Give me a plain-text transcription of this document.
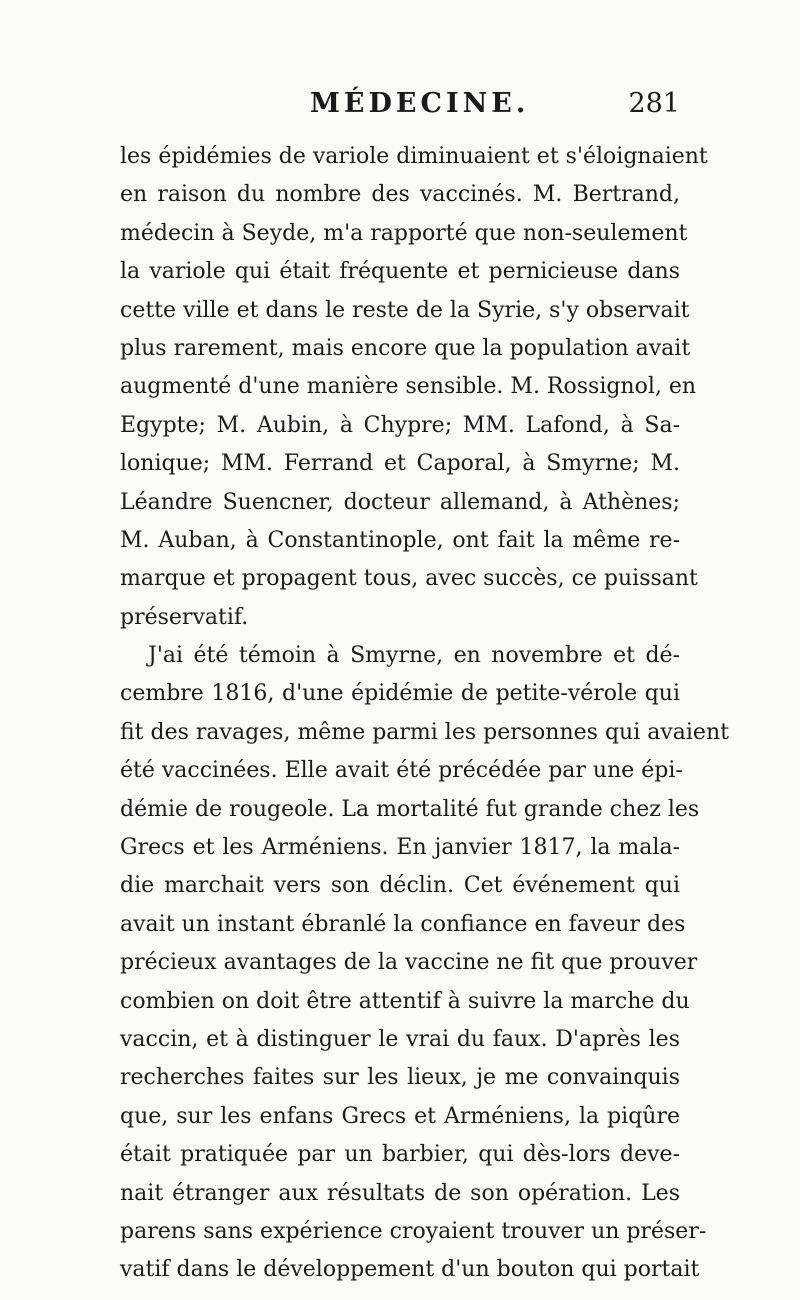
MÉDECINE.	281
les épidémies de variole diminuaient et s'éloignaient
en raison du nombre des vaccinés. M. Bertrand,
médecin à Seyde, m'a rapporté que non-seulement
la variole qui était fréquente et pernicieuse dans
cette ville et dans le reste de la Syrie, s'y observait
plus rarement, mais encore que la population avait
augmenté d'une manière sensible. M. Rossignol, en
Egypte; M. Aubin, à Chypre; MM. Lafond, à Sa-
lonique; MM. Ferrand et Caporal, à Smyrne; M.
Léandre Suencner, docteur allemand, à Athènes;
M. Auban, à Constantinople, ont fait la même re-
marque et propagent tous, avec succès, ce puissant
préservatif.
J'ai été témoin à Smyrne, en novembre et dé-
cembre 1816, d'une épidémie de petite-vérole qui
fit des ravages, même parmi les personnes qui avaient
été vaccinées. Elle avait été précédée par une épi-
démie de rougeole. La mortalité fut grande chez les
Grecs et les Arméniens. En janvier 1817, la mala-
die marchait vers son déclin. Cet événement qui
avait un instant ébranlé la confiance en faveur des
précieux avantages de la vaccine ne fit que prouver
combien on doit être attentif à suivre la marche du
vaccin, et à distinguer le vrai du faux. D'après les
recherches faites sur les lieux, je me convainquis
que, sur les enfans Grecs et Arméniens, la piqûre
était pratiquée par un barbier, qui dès-lors deve-
nait étranger aux résultats de son opération. Les
parens sans expérience croyaient trouver un préser-
vatif dans le développement d'un bouton qui portait
